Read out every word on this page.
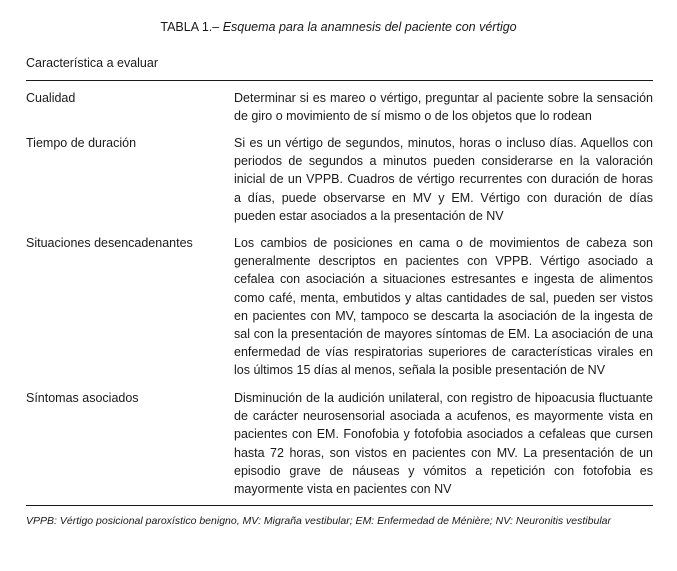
TABLA 1.– Esquema para la anamnesis del paciente con vértigo
Característica a evaluar
Cualidad	Determinar si es mareo o vértigo, preguntar al paciente sobre la sensación de giro o movimiento de sí mismo o de los objetos que lo rodean
Tiempo de duración	Si es un vértigo de segundos, minutos, horas o incluso días. Aquellos con periodos de segundos a minutos pueden considerarse en la valoración inicial de un VPPB. Cuadros de vértigo recurrentes con duración de horas a días, puede observarse en MV y EM. Vértigo con duración de días pueden estar asociados a la presentación de NV
Situaciones desencadenantes	Los cambios de posiciones en cama o de movimientos de cabeza son generalmente descriptos en pacientes con VPPB. Vértigo asociado a cefalea con asociación a situaciones estresantes e ingesta de alimentos como café, menta, embutidos y altas cantidades de sal, pueden ser vistos en pacientes con MV, tampoco se descarta la asociación de la ingesta de sal con la presentación de mayores síntomas de EM. La asociación de una enfermedad de vías respiratorias superiores de características virales en los últimos 15 días al menos, señala la posible presentación de NV
Síntomas asociados	Disminución de la audición unilateral, con registro de hipoacusia fluctuante de carácter neurosensorial asociada a acufenos, es mayormente vista en pacientes con EM. Fonofobia y fotofobia asociados a cefaleas que cursen hasta 72 horas, son vistos en pacientes con MV. La presentación de un episodio grave de náuseas y vómitos a repetición con fotofobia es mayormente vista en pacientes con NV
VPPB: Vértigo posicional paroxístico benigno, MV: Migraña vestibular; EM: Enfermedad de Ménière; NV: Neuronitis vestibular
